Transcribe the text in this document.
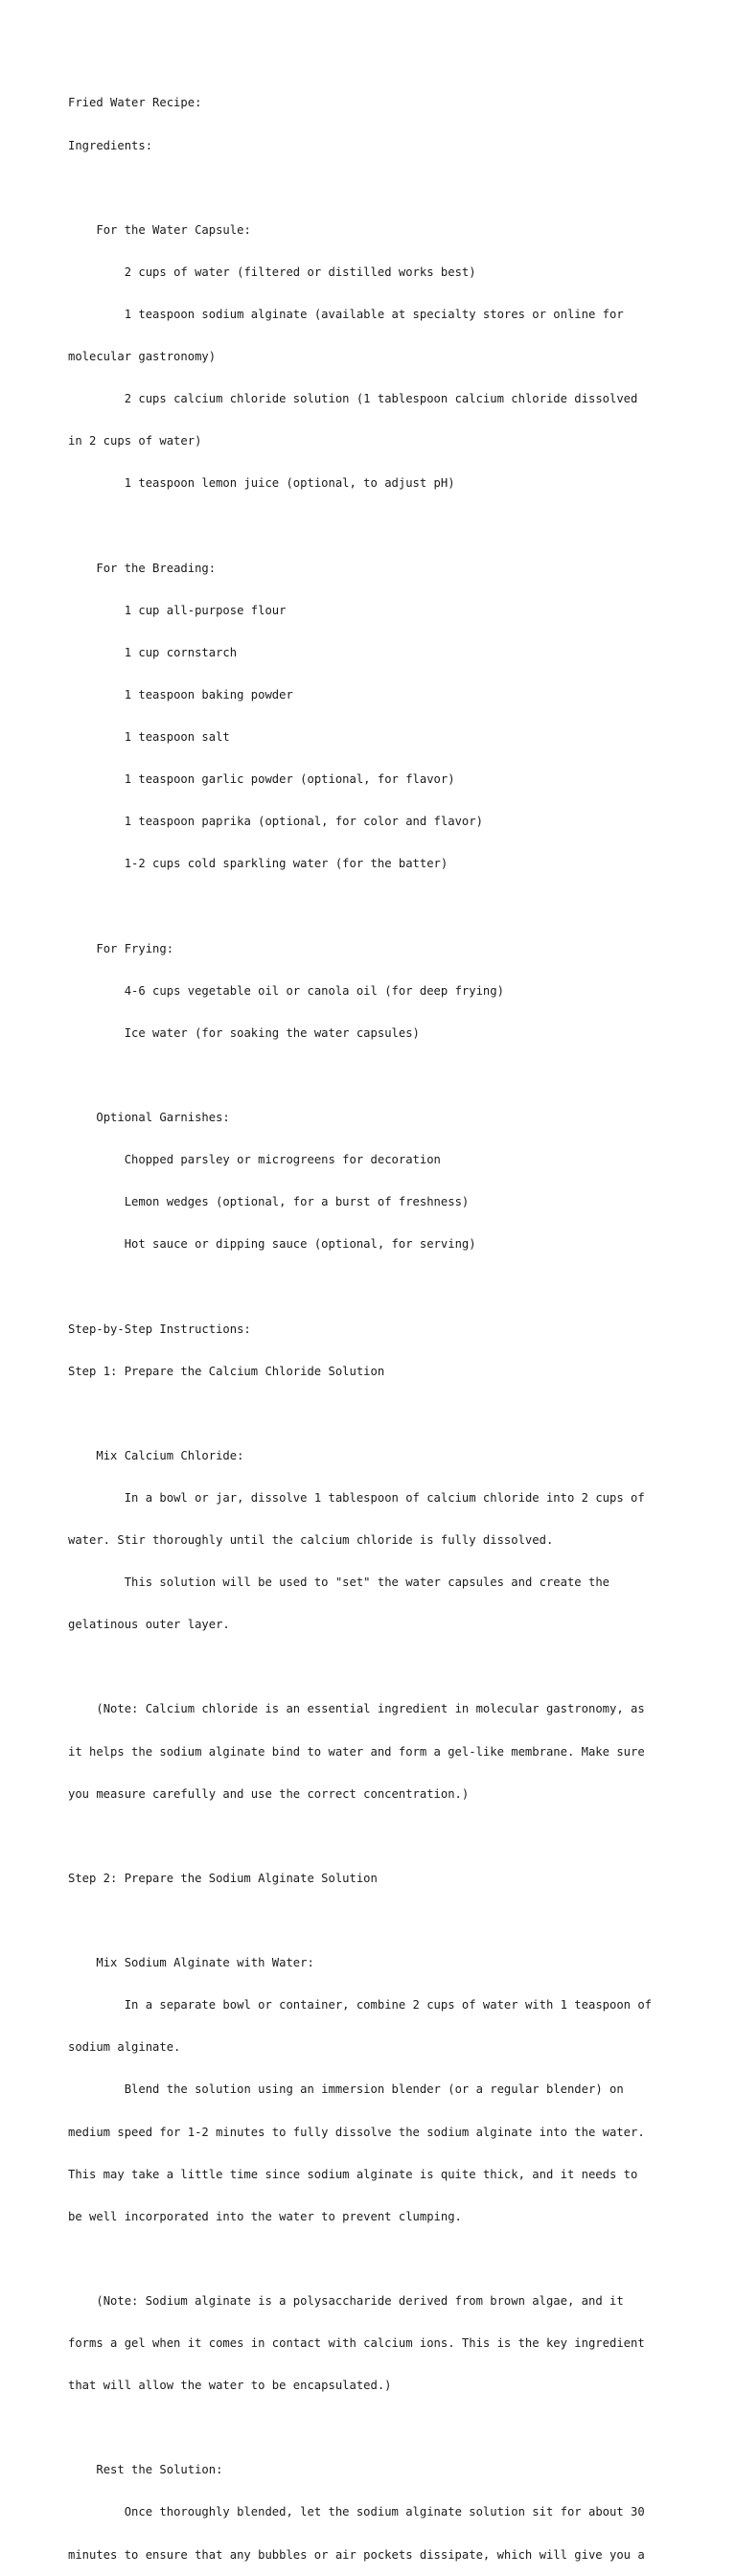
Fried Water Recipe:

Ingredients:

For the Water Capsule:

2 cups of water (filtered or distilled works best)

1 teaspoon sodium alginate (available at specialty stores or online for

molecular gastronomy)

2 cups calcium chloride solution (1 tablespoon calcium chloride dissolved

in 2 cups of water)

1 teaspoon lemon juice (optional, to adjust pH)

For the Breading:

1 cup all-purpose flour

1 cup cornstarch

1 teaspoon baking powder

1 teaspoon salt

1 teaspoon garlic powder (optional, for flavor)

1 teaspoon paprika (optional, for color and flavor)

1-2 cups cold sparkling water (for the batter)

For Frying:

4-6 cups vegetable oil or canola oil (for deep frying)

Ice water (for soaking the water capsules)

Optional Garnishes:

Chopped parsley or microgreens for decoration

Lemon wedges (optional, for a burst of freshness)

Hot sauce or dipping sauce (optional, for serving)

Step-by-Step Instructions:

Step 1: Prepare the Calcium Chloride Solution

Mix Calcium Chloride:

In a bowl or jar, dissolve 1 tablespoon of calcium chloride into 2 cups of

water. Stir thoroughly until the calcium chloride is fully dissolved.

This solution will be used to "set" the water capsules and create the

gelatinous outer layer.

(Note: Calcium chloride is an essential ingredient in molecular gastronomy, as

it helps the sodium alginate bind to water and form a gel-like membrane. Make sure

you measure carefully and use the correct concentration.)

Step 2: Prepare the Sodium Alginate Solution

Mix Sodium Alginate with Water:

In a separate bowl or container, combine 2 cups of water with 1 teaspoon of

sodium alginate.

Blend the solution using an immersion blender (or a regular blender) on

medium speed for 1-2 minutes to fully dissolve the sodium alginate into the water.

This may take a little time since sodium alginate is quite thick, and it needs to

be well incorporated into the water to prevent clumping.

(Note: Sodium alginate is a polysaccharide derived from brown algae, and it

forms a gel when it comes in contact with calcium ions. This is the key ingredient

that will allow the water to be encapsulated.)

Rest the Solution:

Once thoroughly blended, let the sodium alginate solution sit for about 30

minutes to ensure that any bubbles or air pockets dissipate, which will give you a
